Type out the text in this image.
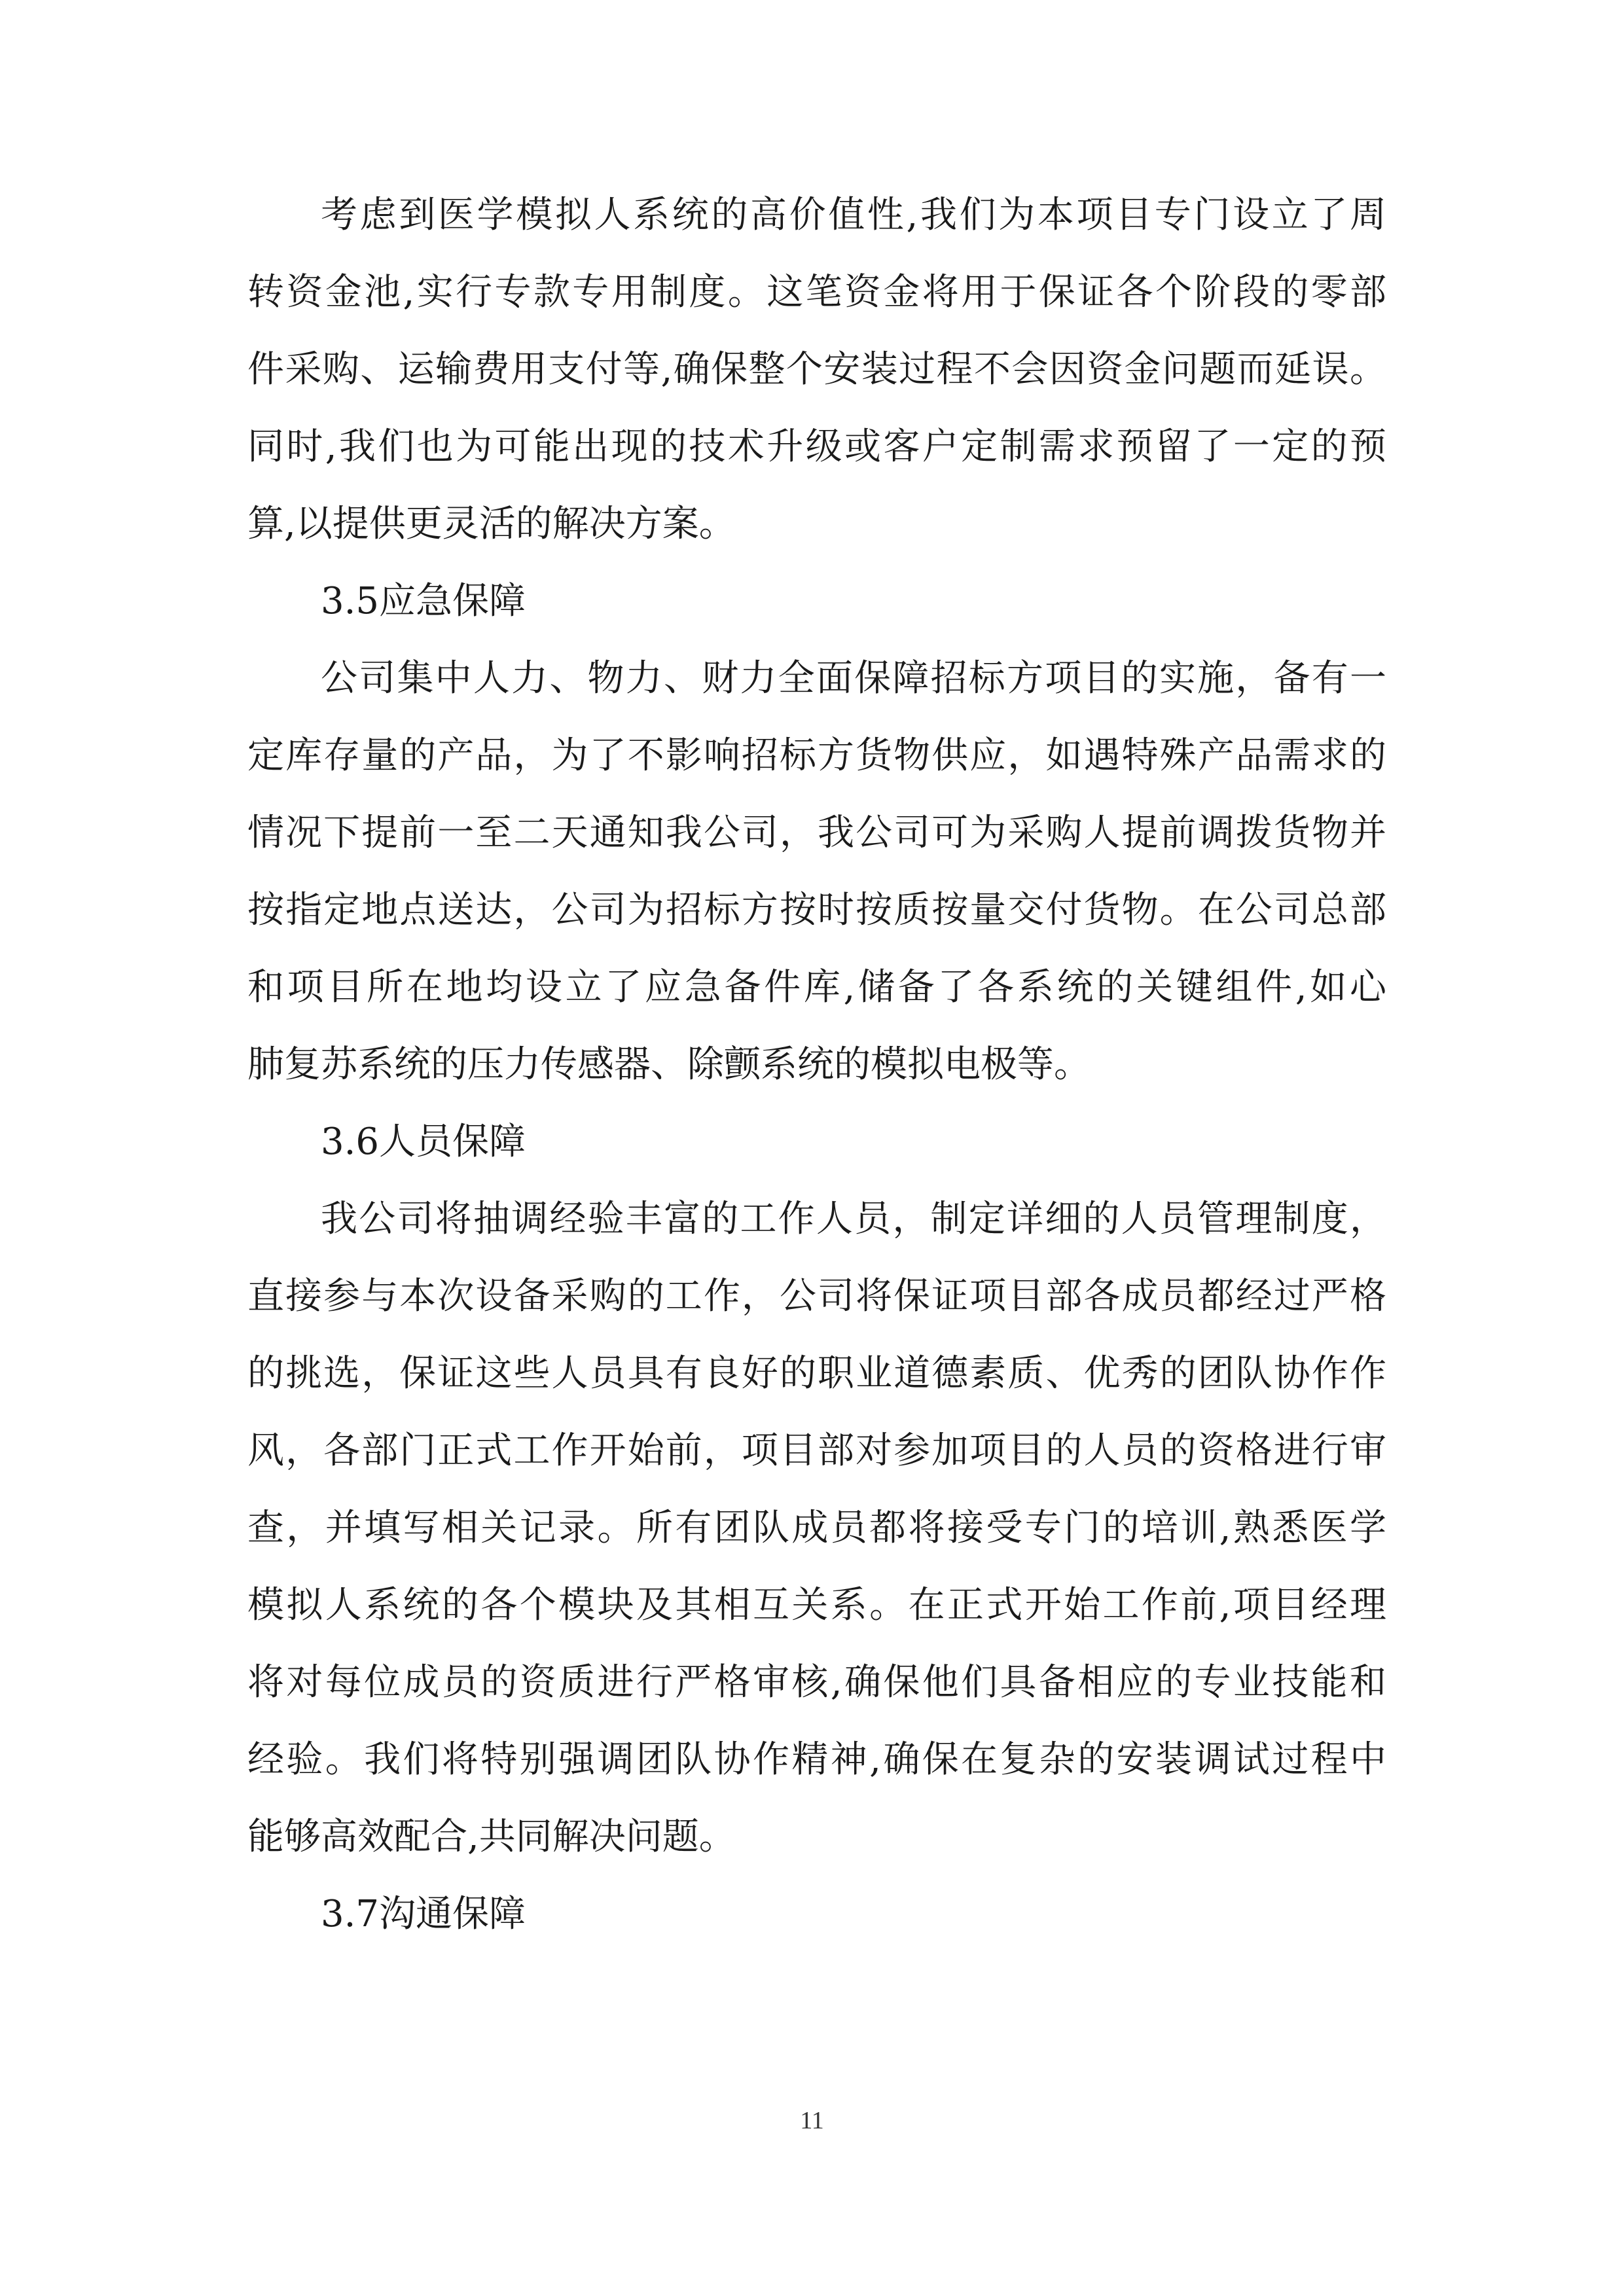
考虑到医学模拟人系统的高价值性,我们为本项目专门设立了周
转资金池,实行专款专用制度。这笔资金将用于保证各个阶段的零部
件采购、运输费用支付等,确保整个安装过程不会因资金问题而延误。
同时,我们也为可能出现的技术升级或客户定制需求预留了一定的预
算,以提供更灵活的解决方案。
3.5应急保障
公司集中人力、物力、财力全面保障招标方项目的实施，备有一
定库存量的产品，为了不影响招标方货物供应，如遇特殊产品需求的
情况下提前一至二天通知我公司，我公司可为采购人提前调拨货物并
按指定地点送达，公司为招标方按时按质按量交付货物。在公司总部
和项目所在地均设立了应急备件库,储备了各系统的关键组件,如心
肺复苏系统的压力传感器、除颤系统的模拟电极等。
3.6人员保障
我公司将抽调经验丰富的工作人员，制定详细的人员管理制度，
直接参与本次设备采购的工作，公司将保证项目部各成员都经过严格
的挑选，保证这些人员具有良好的职业道德素质、优秀的团队协作作
风，各部门正式工作开始前，项目部对参加项目的人员的资格进行审
查，并填写相关记录。所有团队成员都将接受专门的培训,熟悉医学
模拟人系统的各个模块及其相互关系。在正式开始工作前,项目经理
将对每位成员的资质进行严格审核,确保他们具备相应的专业技能和
经验。我们将特别强调团队协作精神,确保在复杂的安装调试过程中
能够高效配合,共同解决问题。
3.7沟通保障
11
